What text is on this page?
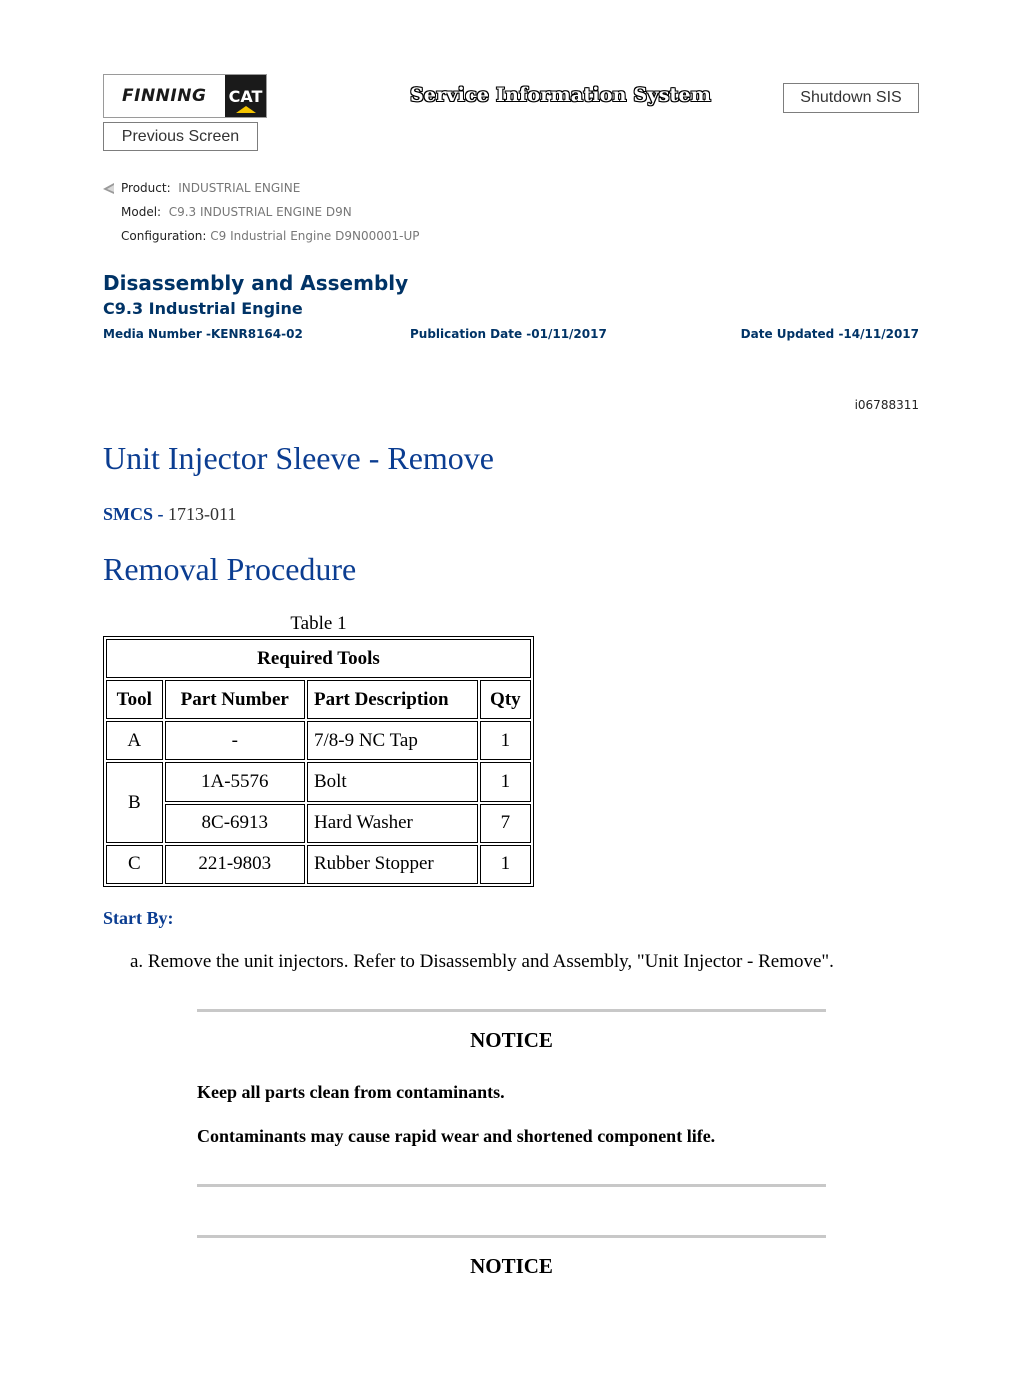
FINNING CAT	Service Information System	Shutdown SIS
Previous Screen
Product: INDUSTRIAL ENGINE
Model: C9.3 INDUSTRIAL ENGINE D9N
Configuration: C9 Industrial Engine D9N00001-UP
Disassembly and Assembly
C9.3 Industrial Engine
Media Number -KENR8164-02	Publication Date -01/11/2017	Date Updated -14/11/2017
i06788311
Unit Injector Sleeve - Remove
SMCS - 1713-011
Removal Procedure
Table 1
Required Tools			
Tool	Part Number	Part Description	Qty
A	-	7/8-9 NC Tap	1
B	1A-5576	Bolt	1
	8C-6913	Hard Washer	7
C	221-9803	Rubber Stopper	1
Start By:
a. Remove the unit injectors. Refer to Disassembly and Assembly, "Unit Injector - Remove".
NOTICE
Keep all parts clean from contaminants.
Contaminants may cause rapid wear and shortened component life.
NOTICE
